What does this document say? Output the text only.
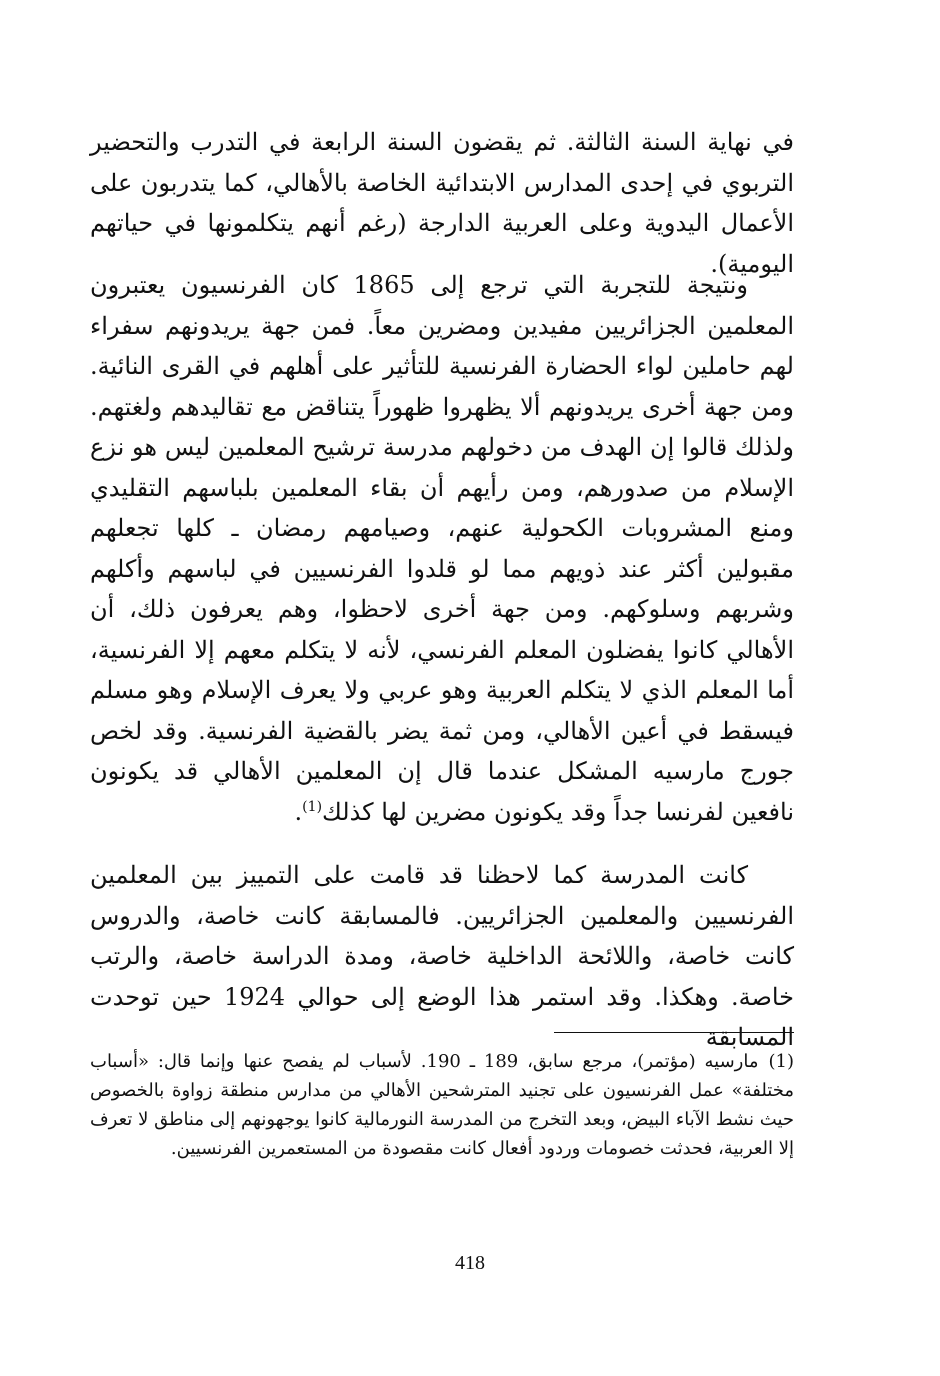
في نهاية السنة الثالثة. ثم يقضون السنة الرابعة في التدرب والتحضير التربوي في إحدى المدارس الابتدائية الخاصة بالأهالي، كما يتدربون على الأعمال اليدوية وعلى العربية الدارجة (رغم أنهم يتكلمونها في حياتهم اليومية).

ونتيجة للتجربة التي ترجع إلى 1865 كان الفرنسيون يعتبرون المعلمين الجزائريين مفيدين ومضرين معاً. فمن جهة يريدونهم سفراء لهم حاملين لواء الحضارة الفرنسية للتأثير على أهلهم في القرى النائية. ومن جهة أخرى يريدونهم ألا يظهروا ظهوراً يتناقض مع تقاليدهم ولغتهم. ولذلك قالوا إن الهدف من دخولهم مدرسة ترشيح المعلمين ليس هو نزع الإسلام من صدورهم، ومن رأيهم أن بقاء المعلمين بلباسهم التقليدي ومنع المشروبات الكحولية عنهم، وصيامهم رمضان ـ كلها تجعلهم مقبولين أكثر عند ذويهم مما لو قلدوا الفرنسيين في لباسهم وأكلهم وشربهم وسلوكهم. ومن جهة أخرى لاحظوا، وهم يعرفون ذلك، أن الأهالي كانوا يفضلون المعلم الفرنسي، لأنه لا يتكلم معهم إلا الفرنسية، أما المعلم الذي لا يتكلم العربية وهو عربي ولا يعرف الإسلام وهو مسلم فيسقط في أعين الأهالي، ومن ثمة يضر بالقضية الفرنسية. وقد لخص جورج مارسيه المشكل عندما قال إن المعلمين الأهالي قد يكونون نافعين لفرنسا جداً وقد يكونون مضرين لها كذلك$^{(1)}$.

كانت المدرسة كما لاحظنا قد قامت على التمييز بين المعلمين الفرنسيين والمعلمين الجزائريين. فالمسابقة كانت خاصة، والدروس كانت خاصة، واللائحة الداخلية خاصة، ومدة الدراسة خاصة، والرتب خاصة. وهكذا. وقد استمر هذا الوضع إلى حوالي 1924 حين توحدت المسابقة

(1)مارسيه (مؤتمر)، مرجع سابق، 189 ـ 190. لأسباب لم يفصح عنها وإنما قال: «أسباب مختلفة» عمل الفرنسيون على تجنيد المترشحين الأهالي من مدارس منطقة زواوة بالخصوص حيث نشط الآباء البيض، وبعد التخرج من المدرسة النورمالية كانوا يوجهونهم إلى مناطق لا تعرف إلا العربية، فحدثت خصومات وردود أفعال كانت مقصودة من المستعمرين الفرنسيين.

418
